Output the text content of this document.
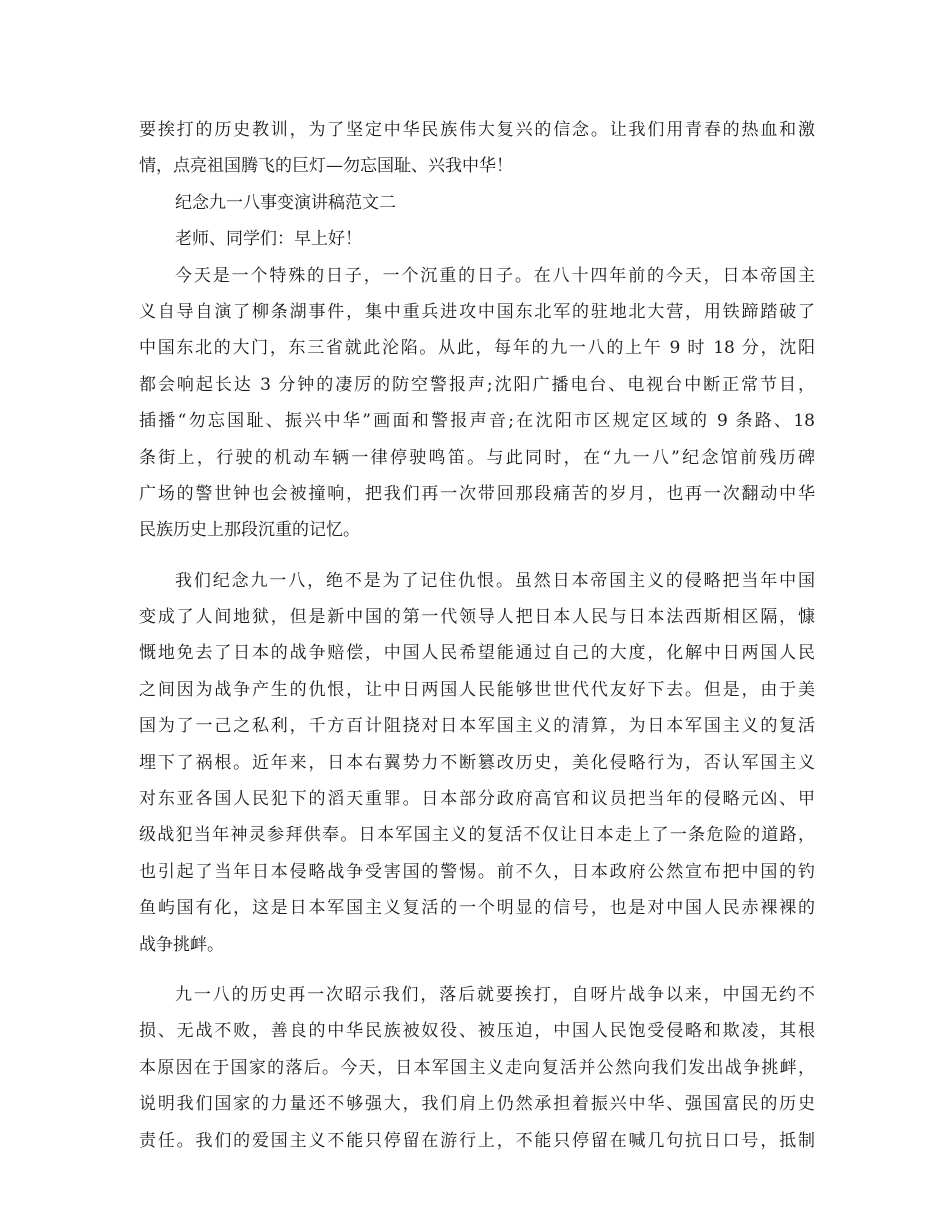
要挨打的历史教训，为了坚定中华民族伟大复兴的信念。让我们用青春的热血和激
情，点亮祖国腾飞的巨灯—勿忘国耻、兴我中华！
纪念九一八事变演讲稿范文二
老师、同学们：早上好！
今天是一个特殊的日子，一个沉重的日子。在八十四年前的今天，日本帝国主
义自导自演了柳条湖事件，集中重兵进攻中国东北军的驻地北大营，用铁蹄踏破了
中国东北的大门，东三省就此沦陷。从此，每年的九一八的上午 9 时 18 分，沈阳
都会响起长达 3 分钟的凄厉的防空警报声;沈阳广播电台、电视台中断正常节目，
插播“勿忘国耻、振兴中华”画面和警报声音;在沈阳市区规定区域的 9 条路、18
条街上，行驶的机动车辆一律停驶鸣笛。与此同时，在“九一八”纪念馆前残历碑
广场的警世钟也会被撞响，把我们再一次带回那段痛苦的岁月，也再一次翻动中华
民族历史上那段沉重的记忆。
我们纪念九一八，绝不是为了记住仇恨。虽然日本帝国主义的侵略把当年中国
变成了人间地狱，但是新中国的第一代领导人把日本人民与日本法西斯相区隔，慷
慨地免去了日本的战争赔偿，中国人民希望能通过自己的大度，化解中日两国人民
之间因为战争产生的仇恨，让中日两国人民能够世世代代友好下去。但是，由于美
国为了一己之私利，千方百计阻挠对日本军国主义的清算，为日本军国主义的复活
埋下了祸根。近年来，日本右翼势力不断篡改历史，美化侵略行为，否认军国主义
对东亚各国人民犯下的滔天重罪。日本部分政府高官和议员把当年的侵略元凶、甲
级战犯当年神灵参拜供奉。日本军国主义的复活不仅让日本走上了一条危险的道路，
也引起了当年日本侵略战争受害国的警惕。前不久，日本政府公然宣布把中国的钓
鱼屿国有化，这是日本军国主义复活的一个明显的信号，也是对中国人民赤裸裸的
战争挑衅。
九一八的历史再一次昭示我们，落后就要挨打，自呀片战争以来，中国无约不
损、无战不败，善良的中华民族被奴役、被压迫，中国人民饱受侵略和欺凌，其根
本原因在于国家的落后。今天，日本军国主义走向复活并公然向我们发出战争挑衅，
说明我们国家的力量还不够强大，我们肩上仍然承担着振兴中华、强国富民的历史
责任。我们的爱国主义不能只停留在游行上，不能只停留在喊几句抗日口号，抵制
